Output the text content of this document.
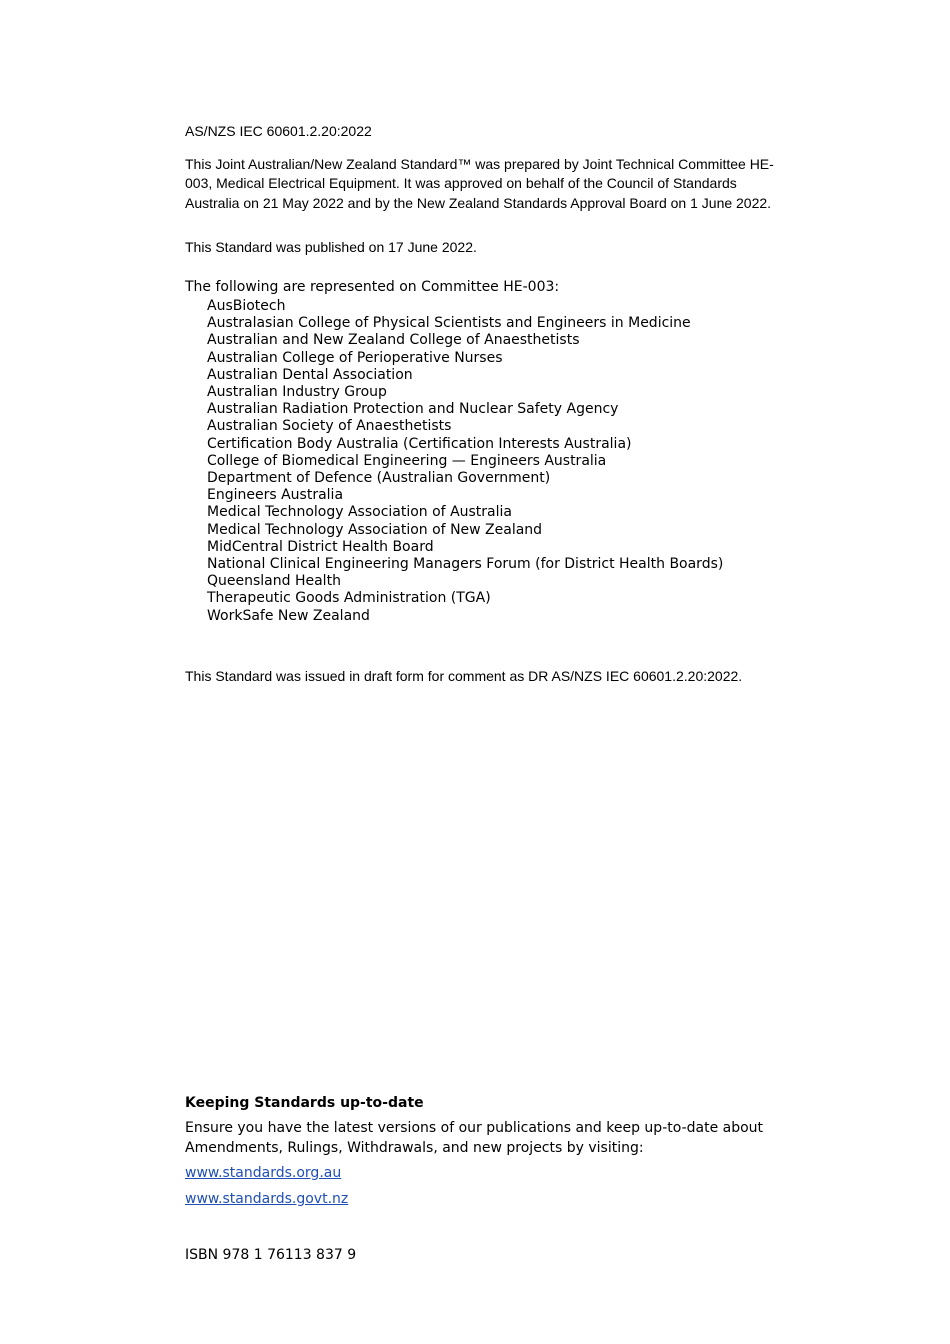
AS/NZS IEC 60601.2.20:2022

This Joint Australian/New Zealand Standard™ was prepared by Joint Technical Committee HE-003, Medical Electrical Equipment. It was approved on behalf of the Council of Standards Australia on 21 May 2022 and by the New Zealand Standards Approval Board on 1 June 2022.

This Standard was published on 17 June 2022.

The following are represented on Committee HE-003:

AusBiotech
Australasian College of Physical Scientists and Engineers in Medicine
Australian and New Zealand College of Anaesthetists
Australian College of Perioperative Nurses
Australian Dental Association
Australian Industry Group
Australian Radiation Protection and Nuclear Safety Agency
Australian Society of Anaesthetists
Certification Body Australia (Certification Interests Australia)
College of Biomedical Engineering — Engineers Australia
Department of Defence (Australian Government)
Engineers Australia
Medical Technology Association of Australia
Medical Technology Association of New Zealand
MidCentral District Health Board
National Clinical Engineering Managers Forum (for District Health Boards)
Queensland Health
Therapeutic Goods Administration (TGA)
WorkSafe New Zealand

This Standard was issued in draft form for comment as DR AS/NZS IEC 60601.2.20:2022.

Keeping Standards up-to-date

Ensure you have the latest versions of our publications and keep up-to-date about Amendments, Rulings, Withdrawals, and new projects by visiting:

www.standards.org.au

www.standards.govt.nz

ISBN 978 1 76113 837 9
